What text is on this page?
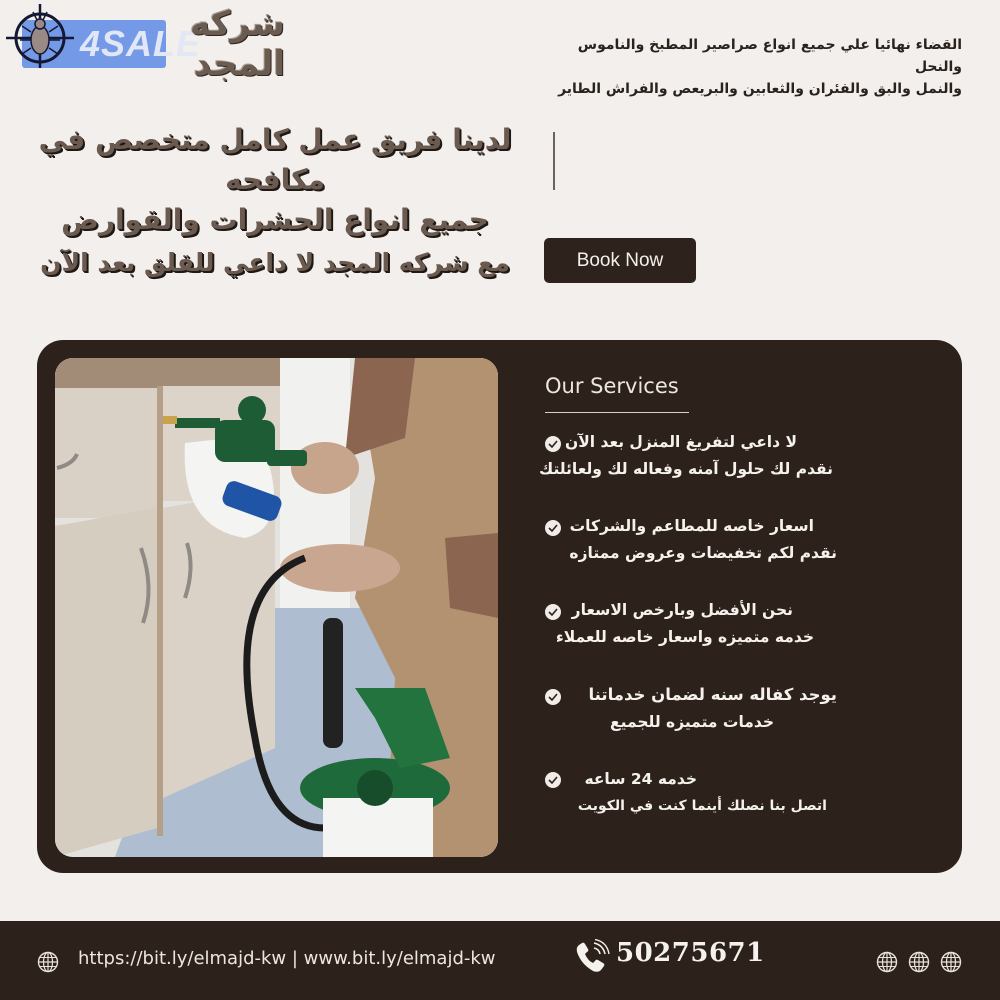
4SALE
شركه المجد	القضاء نهائيا علي جميع انواع صراصير المطبخ والناموس والنحل
والنمل والبق والفئران والثعابين والبريعص والفراش الطاير
لدينا فريق عمل كامل متخصص في مكافحه
جميع انواع الحشرات والقوارض
مع شركه المجد لا داعي للقلق بعد الآن	Book Now
Our Services
لا داعي لتفريغ المنزل بعد الآن
نقدم لك حلول آمنه وفعاله لك ولعائلتك
اسعار خاصه للمطاعم والشركات
نقدم لكم تخفيضات وعروض ممتازه
نحن الأفضل وبارخص الاسعار
خدمه متميزه واسعار خاصه للعملاء
يوجد كفاله سنه لضمان خدماتنا
خدمات متميزه للجميع
خدمه 24 ساعه
اتصل بنا نصلك أينما كنت في الكويت
https://bit.ly/elmajd-kw | www.bit.ly/elmajd-kw	50275671
